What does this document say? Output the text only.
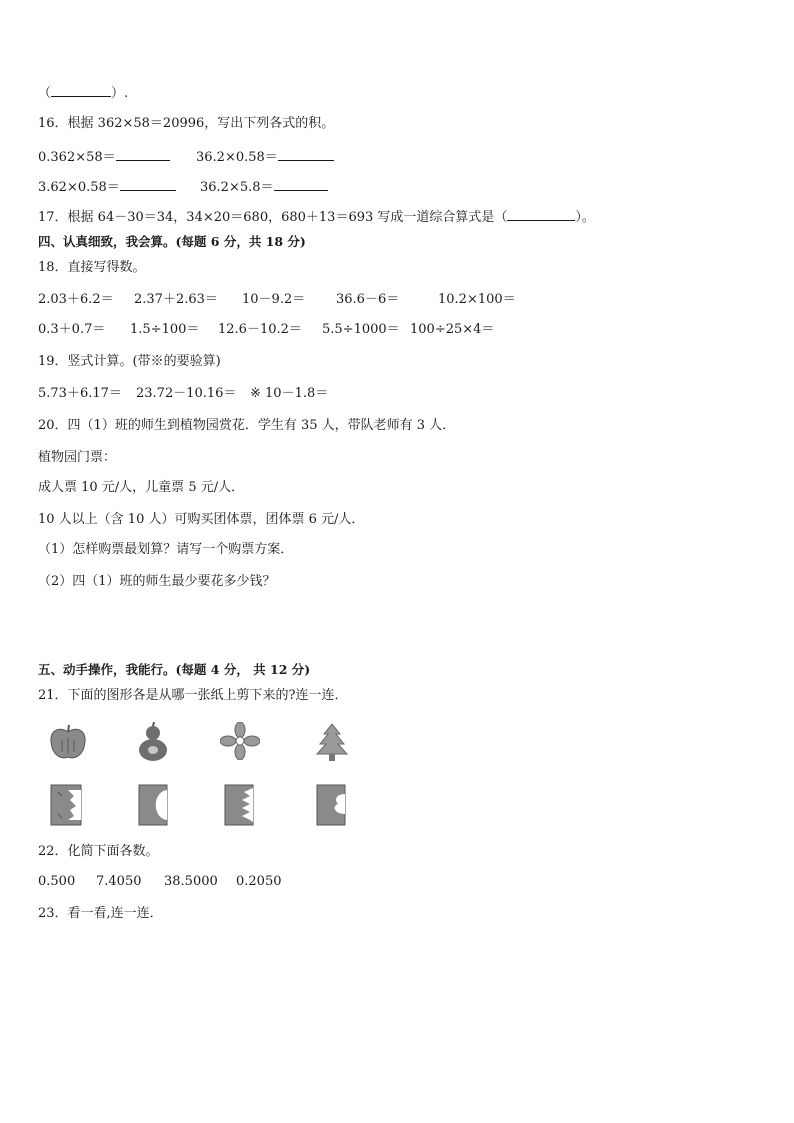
（	）.
16．根据 362×58＝20996，写出下列各式的积。
0.362×58＝	36.2×0.58＝
3.62×0.58＝	36.2×5.8＝
17．根据 64－30＝34，34×20＝680，680＋13＝693 写成一道综合算式是（	）。
四、认真细致，我会算。(每题 6 分，共 18 分)
18．直接写得数。
2.03＋6.2＝ 2.37＋2.63＝ 10－9.2＝ 36.6－6＝	10.2×100＝
0.3＋0.7＝ 1.5÷100＝ 12.6－10.2＝ 5.5÷1000＝ 100÷25×4＝
19．竖式计算。(带※的要验算)
5.73＋6.17＝ 23.72－10.16＝ ※ 10－1.8＝
20．四（1）班的师生到植物园赏花．学生有 35 人，带队老师有 3 人．
植物园门票：
成人票 10 元/人，儿童票 5 元/人．
10 人以上（含 10 人）可购买团体票，团体票 6 元/人．
（1）怎样购票最划算？请写一个购票方案．
（2）四（1）班的师生最少要花多少钱？
五、动手操作，我能行。(每题 4 分， 共 12 分)
21．下面的图形各是从哪一张纸上剪下来的?连一连．
22．化简下面各数。
0.500 7.4050 38.5000 0.2050
23．看一看,连一连．
